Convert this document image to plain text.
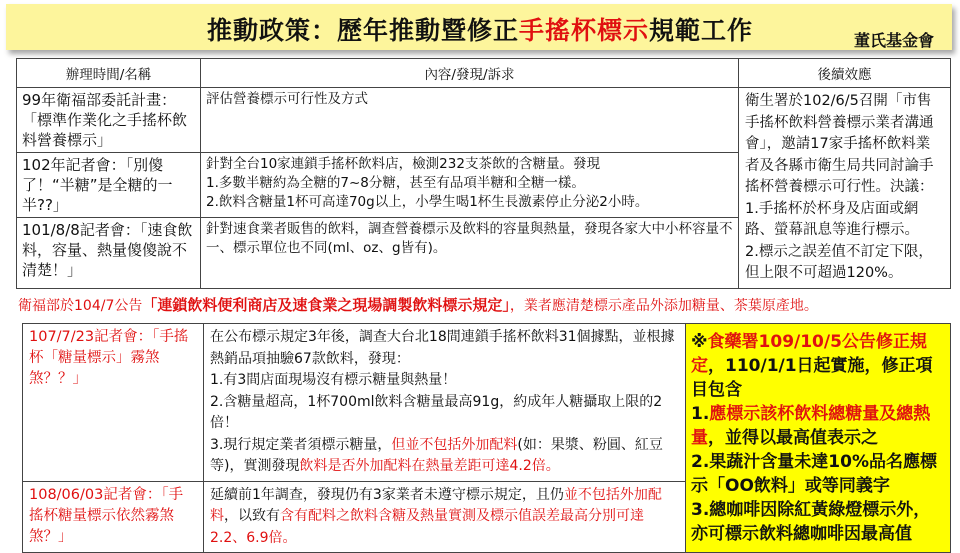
推動政策：歷年推動暨修正手搖杯標示規範工作	董氏基金會
辦理時間/名稱	內容/發現/訴求	後續效應
99年衛福部委託計畫：「標準作業化之手搖杯飲料營養標示」	評估營養標示可行性及方式	衛生署於102/6/5召開「市售手搖杯飲料營養標示業者溝通會」，邀請17家手搖杯飲料業者及各縣市衛生局共同討論手搖杯營養標示可行性。決議：
1.手搖杯於杯身及店面或網路、螢幕訊息等進行標示。
2.標示之誤差值不訂定下限，但上限不可超過120%。

102年記者會：「別傻了！“半糖”是全糖的一半??」	針對全台10家連鎖手搖杯飲料店，檢測232支茶飲的含糖量。發現
1.多數半糖約為全糖的7~8分糖，甚至有品項半糖和全糖一樣。
2.飲料含糖量1杯可高達70g以上，小學生喝1杯生長激素停止分泌2小時。	

101/8/8記者會：「速食飲料，容量、熱量傻傻說不清楚！」	針對速食業者販售的飲料，調查營養標示及飲料的容量與熱量，發現各家大中小杯容量不一、標示單位也不同(ml、oz、g皆有)。	
衛福部於104/7公告「連鎖飲料便利商店及速食業之現場調製飲料標示規定」，業者應清楚標示產品外添加糖量、茶葉原產地。
107/7/23記者會：「手搖杯「糖量標示」霧煞煞？？」	在公布標示規定3年後，調查大台北18間連鎖手搖杯飲料31個據點，並根據熱銷品項抽驗67款飲料，發現：
1.有3間店面現場沒有標示糖量與熱量！
2.含糖量超高，1杯700ml飲料含糖量最高91g，約成年人糖攝取上限的2倍！
3.現行規定業者須標示糖量，但並不包括外加配料(如：果漿、粉圓、紅豆等)，實測發現飲料是否外加配料在熱量差距可達4.2倍。	※食藥署109/10/5公告修正規定，110/1/1日起實施，修正項目包含
1.應標示該杯飲料總糖量及總熱量，並得以最高值表示之
2.果蔬汁含量未達10%品名應標示「OO飲料」或等同義字
3.總咖啡因除紅黃綠燈標示外，亦可標示飲料總咖啡因最高值

108/06/03記者會：「手搖杯糖量標示依然霧煞煞？」	延續前1年調查，發現仍有3家業者未遵守標示規定，且仍並不包括外加配料，以致有含有配料之飲料含糖及熱量實測及標示值誤差最高分別可達2.2、6.9倍。	
